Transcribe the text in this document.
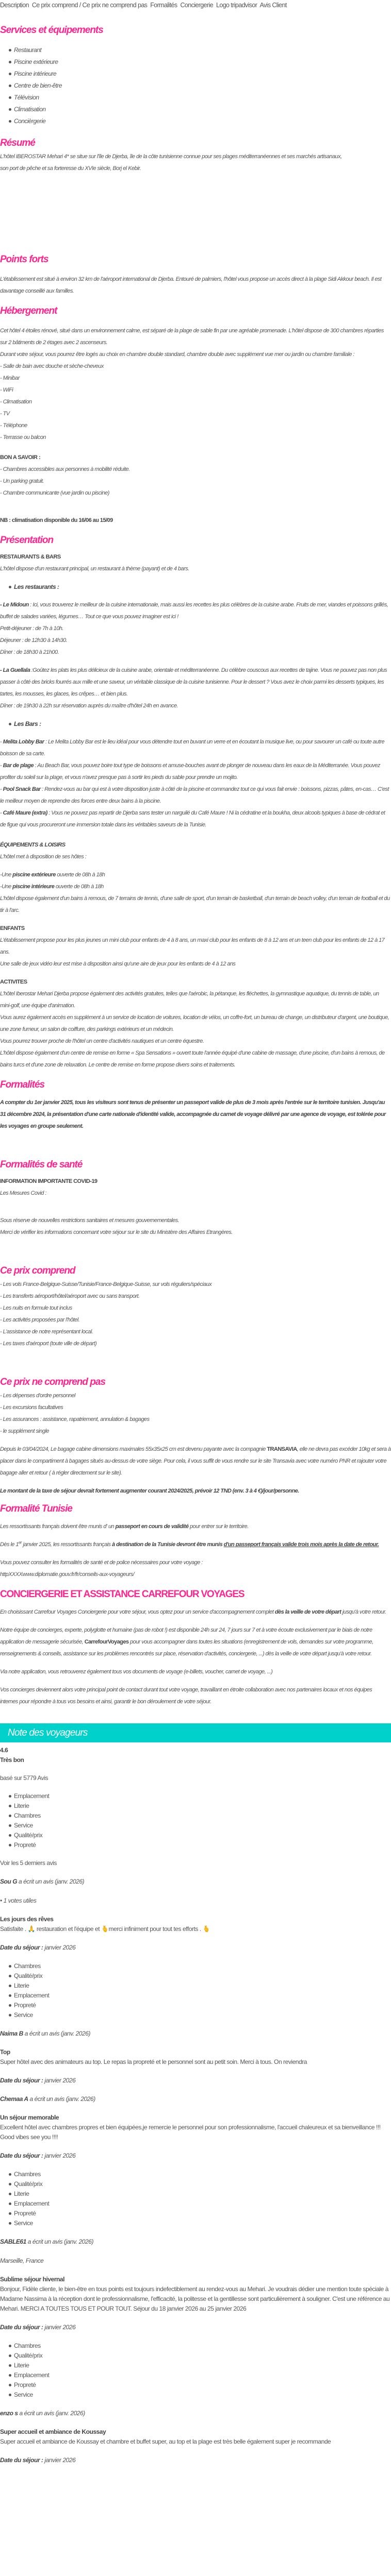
Description Ce prix comprend / Ce prix ne comprend pas Formalités Conciergerie Logo tripadvisor Avis Client
Services et équipements
Restaurant
Piscine extérieure
Piscine intérieure
Centre de bien-être
Télévision
Climatisation
Concièrgerie
Résumé

L'hôtel IBEROSTAR Mehari 4* se situe sur l'île de Djerba, île de la côte tunisienne connue pour ses plages méditerranéennes et ses marchés artisanaux, son port de pêche et sa forteresse du XVIe siècle, Borj el Kebir.

Points forts

L'établissement est situé à environ 32 km de l'aéroport international de Djerba. Entouré de palmiers, l'hôtel vous propose un accès direct à la plage Sidi Akkour beach. Il est davantage conseillé aux familles.

Hébergement

Cet hôtel 4 étoiles rénové, situé dans un environnement calme, est séparé de la plage de sable fin par une agréable promenade. L'hôtel dispose de 300 chambres réparties sur 2 bâtiments de 2 étages avec 2 ascenseurs.

Durant votre séjour, vous pourrez être logés au choix en chambre double standard, chambre double avec supplément vue mer ou jardin ou chambre familiale :

- Salle de bain avec douche et sèche-cheveux
- Minibar
- WiFi
- Climatisation
- TV
- Téléphone
- Terrasse ou balcon
BON A SAVOIR :
- Chambres accessibles aux personnes à mobilité réduite.
- Un parking gratuit.
- Chambre communicante (vue jardin ou piscine)
NB : climatisation disponible du 16/06 au 15/09
Présentation
RESTAURANTS & BARS

L'hôtel dispose d'un restaurant principal, un restaurant à thème (payant) et de 4 bars.

Les restaurants :

- Le Midoun : Ici, vous trouverez le meilleur de la cuisine internationale, mais aussi les recettes les plus célèbres de la cuisine arabe. Fruits de mer, viandes et poissons grillés, buffet de salades variées, légumes… Tout ce que vous pouvez imaginer est ici !

Petit-déjeuner : de 7h à 10h.
Déjeuner : de 12h30 à 14h30.
Dîner : de 18h30 à 21h00.

- La Guellala :Goûtez les plats les plus délicieux de la cuisine arabe, orientale et méditerranéenne. Du célèbre couscous aux recettes de tajine. Vous ne pouvez pas non plus passer à côté des bricks fourrés aux mille et une saveur, un véritable classique de la cuisine tunisienne. Pour le dessert ? Vous avez le choix parmi les desserts typiques, les tartes, les mousses, les glaces, les crêpes… et bien plus.

Dîner : de 19h30 à 22h sur réservation auprès du maître d'hôtel 24h en avance.

Les Bars :

- Melita Lobby Bar : Le Melita Lobby Bar est le lieu idéal pour vous détendre tout en buvant un verre et en écoutant la musique live, ou pour savourer un café ou toute autre boisson de sa carte.

- Bar de plage : Au Beach Bar, vous pouvez boire tout type de boissons et amuse-bouches avant de plonger de nouveau dans les eaux de la Méditerranée. Vous pouvez profiter du soleil sur la plage, et vous n'avez presque pas à sortir les pieds du sable pour prendre un mojito.

- Pool Snack Bar : Rendez-vous au bar qui est à votre disposition juste à côté de la piscine et commandez tout ce qui vous fait envie : boissons, pizzas, pâtes, en-cas… C'est le meilleur moyen de reprendre des forces entre deux bains à la piscine.

- Café Maure (extra) : Vous ne pouvez pas repartir de Djerba sans tester un narguilé du Café Maure ! Ni la cédratine et la boukha, deux alcools typiques à base de cédrat et de figue qui vous procureront une immersion totale dans les véritables saveurs de la Tunisie.

ÉQUIPEMENTS & LOISIRS

L'hôtel met à disposition de ses hôtes :

-Une piscine extérieure ouverte de 08h à 18h

-Une piscine intérieure ouverte de 08h à 18h

L'hôtel dispose également d'un bains à remous, de 7 terrains de tennis, d'une salle de sport, d'un terrain de basketball, d'un terrain de beach volley, d'un terrain de football et du tir à l'arc.

ENFANTS

L'établissement propose pour les plus jeunes un mini club pour enfants de 4 à 8 ans, un maxi club pour les enfants de 8 à 12 ans et un teen club pour les enfants de 12 à 17 ans.

Une salle de jeux vidéo leur est mise à disposition ainsi qu'une aire de jeux pour les enfants de 4 à 12 ans

ACTIVITES

L'hôtel Iberostar Mehari Djerba propose également des activités gratuites, telles que l'aérobic, la pétanque, les fléchettes, la gymnastique aquatique, du tennis de table, un mini-golf, une équipe d'animation.

Vous aurez également accès en supplément à un service de location de voitures, location de vélos, un coffre-fort, un bureau de change, un distributeur d'argent, une boutique, une zone fumeur, un salon de coiffure, des parkings extérieurs et un médecin.

Vous pourrez trouver proche de l'hôtel un centre d'activités nautiques et un centre équestre.

L'hôtel dispose également d'un centre de remise en forme « Spa Sensations » ouvert toute l'année équipé d'une cabine de massage, d'une piscine, d'un bains à remous, de bains turcs et d'une zone de relaxation. Le centre de remise en forme propose divers soins et traitements.

Formalités

A compter du 1er janvier 2025, tous les visiteurs sont tenus de présenter un passeport valide de plus de 3 mois après l'entrée sur le territoire tunisien. Jusqu'au 31 décembre 2024, la présentation d'une carte nationale d'identité valide, accompagnée du carnet de voyage délivré par une agence de voyage, est tolérée pour les voyages en groupe seulement.

Formalités de santé
INFORMATION IMPORTANTE COVID-19

Les Mesures Covid :

Sous réserve de nouvelles restrictions sanitaires et mesures gouvernementales.

Merci de vérifier les informations concernant votre séjour sur le site du Ministère des Affaires Etrangères.

Ce prix comprend
- Les vols France-Belgique-Suisse/Tunisie/France-Belgique-Suisse, sur vols réguliers/spéciaux
- Les transferts aéroport/hôtel/aéroport avec ou sans transport.
- Les nuits en formule tout inclus
- Les activités proposées par l'hôtel.
- L'assistance de notre représentant local.
- Les taxes d'aéroport (toute ville de départ)
Ce prix ne comprend pas
- Les dépenses d'ordre personnel
- Les excursions facultatives
- Les assurances : assistance, rapatriement, annulation & bagages
- le supplément single

Depuis le 03/04/2024, Le bagage cabine dimensions maximales 55x35x25 cm est devenu payante avec la compagnie TRANSAVIA, elle ne devra pas excéder 10kg et sera à placer dans le compartiment à bagages situés au-dessus de votre siège. Pour cela, il vous suffit de vous rendre sur le site Transavia avec votre numéro PNR et rajouter votre bagage aller et retour ( à régler directement sur le site).

Le montant de la taxe de séjour devrait fortement augmenter courant 2024/2025, prévoir 12 TND (env. 3 à 4 €)/jour/personne.

Formalité Tunisie

Les ressortissants français doivent être munis d' un passeport en cours de validité pour entrer sur le territoire.

Dès le 1er janvier 2025, les ressortissants français à destination de la Tunisie devront être munis d'un passeport français valide trois mois après la date de retour.

Vous pouvez consulter les formalités de santé et de police nécessaires pour votre voyage :

httpXXXXwww.diplomatie.gouv.fr/fr/conseils-aux-voyageurs/

CONCIERGERIE ET ASSISTANCE CARREFOUR VOYAGES

En choisissant Carrefour Voyages Conciergerie pour votre séjour, vous optez pour un service d'accompagnement complet dès la veille de votre départ jusqu'à votre retour.

Notre équipe de concierges, experte, polyglotte et humaine (pas de robot !) est disponible 24h sur 24, 7 jours sur 7 et à votre écoute exclusivement par le biais de notre application de messagerie sécurisée, CarrefourVoyages pour vous accompagner dans toutes les situations (enregistrement de vols, demandes sur votre programme, renseignements & conseils, assistance sur les problèmes rencontrés sur place, réservation d'activités, conciergerie, ...) dès la veille de votre départ jusqu'à votre retour.

Via notre application, vous retrouverez également tous vos documents de voyage (e-billets, voucher, carnet de voyage, ...)

Vos concierges deviennent alors votre principal point de contact durant tout votre voyage, travaillant en étroite collaboration avec nos partenaires locaux et nos équipes internes pour répondre à tous vos besoins et ainsi, garantir le bon déroulement de votre séjour.

Note des voyageurs
4.6
Très bon
basé sur 5779 Avis
Emplacement
Literie
Chambres
Service
Qualité/prix
Propreté
Voir les 5 derniers avis
Sou G a écrit un avis (janv. 2026)
• 1 votes utiles
Les jours des rêves
Satisfaite . 🙏 restauration et l'équipe et 🫰merci infiniment pour tout tes efforts . 🫰
Date du séjour : janvier 2026
Chambres
Qualité/prix
Literie
Emplacement
Propreté
Service
Naima B a écrit un avis (janv. 2026)
Top
Super hôtel avec des animateurs au top. Le repas la propreté et le personnel sont au petit soin. Merci à tous. On reviendra
Date du séjour : janvier 2026
Chemaa A a écrit un avis (janv. 2026)
Un séjour memorable
Excellent hôtel avec chambres propres et bien équipées,je remercie le personnel pour son professionnalisme, l'accueil chaleureux et sa bienveillance !!! Good vibes see you !!!!
Date du séjour : janvier 2026
Chambres
Qualité/prix
Literie
Emplacement
Propreté
Service
SABLE61 a écrit un avis (janv. 2026)
Marseille, France
Sublime séjour hivernal
Bonjour, Fidèle cliente, le bien-être en tous points est toujours indefectiblement au rendez-vous au Mehari. Je voudrais dédier une mention toute spéciale à Madame Nassima à la réception dont le professionnalisme, l'efficacité, la politesse et la gentillesse sont particulièrement à souligner. C'est une référence au Mehari. MERCI A TOUTES TOUS ET POUR TOUT. Séjour du 18 janvier 2026 au 25 janvier 2026
Date du séjour : janvier 2026
Chambres
Qualité/prix
Literie
Emplacement
Propreté
Service
enzo s a écrit un avis (janv. 2026)
Super accueil et ambiance de Koussay
Super accueil et ambiance de Koussay et chambre et buffet super, au top et la plage est très belle également super je recommande
Date du séjour : janvier 2026
